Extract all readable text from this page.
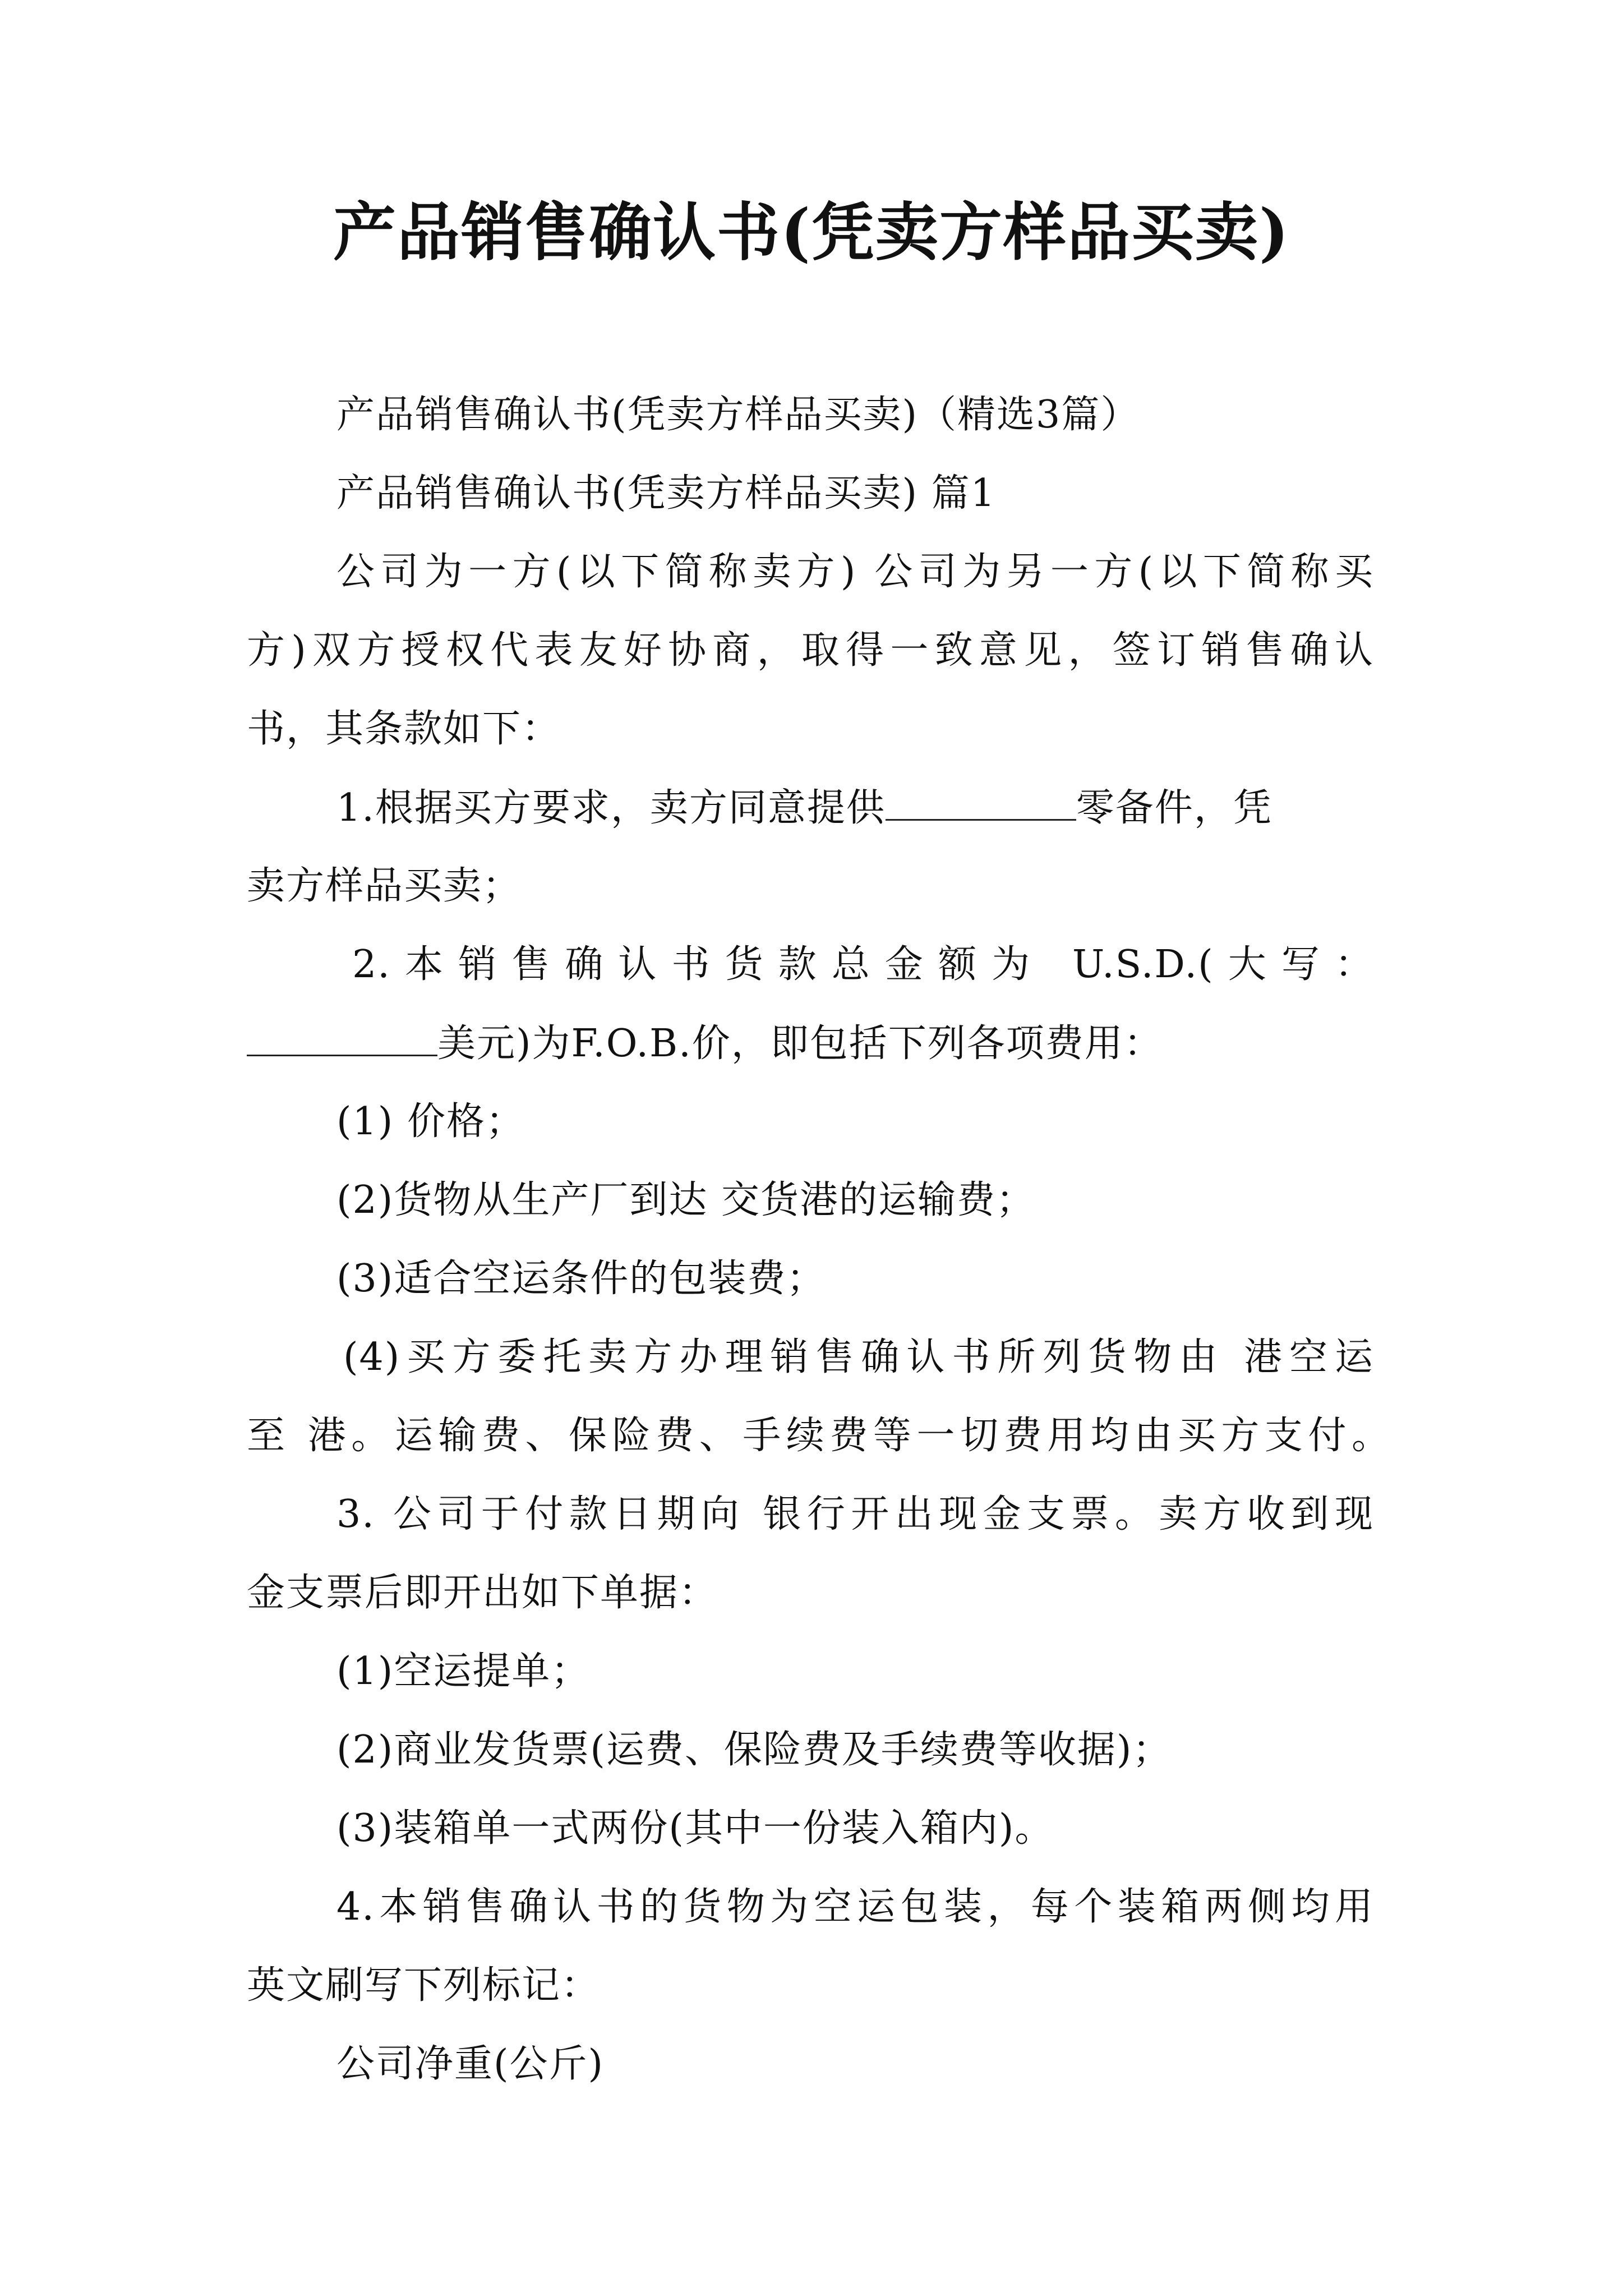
产品销售确认书(凭卖方样品买卖)
产品销售确认书(凭卖方样品买卖)（精选3篇）
产品销售确认书(凭卖方样品买卖) 篇1
公司为一方(以下简称卖方) 公司为另一方(以下简称买
方)双方授权代表友好协商，取得一致意见，签订销售确认
书，其条款如下：
1.根据买方要求，卖方同意提供	零备件，凭
卖方样品买卖；
2.本销售确认书货款总金额为 U.S.D.(大写：
美元)为F.O.B.价，即包括下列各项费用：
(1) 价格；
(2)货物从生产厂到达 交货港的运输费；
(3)适合空运条件的包装费；
(4)买方委托卖方办理销售确认书所列货物由 港空运
至 港。运输费、保险费、手续费等一切费用均由买方支付。
3. 公司于付款日期向 银行开出现金支票。卖方收到现
金支票后即开出如下单据：
(1)空运提单；
(2)商业发货票(运费、保险费及手续费等收据)；
(3)装箱单一式两份(其中一份装入箱内)。
4.本销售确认书的货物为空运包装，每个装箱两侧均用
英文刷写下列标记：
公司净重(公斤)
